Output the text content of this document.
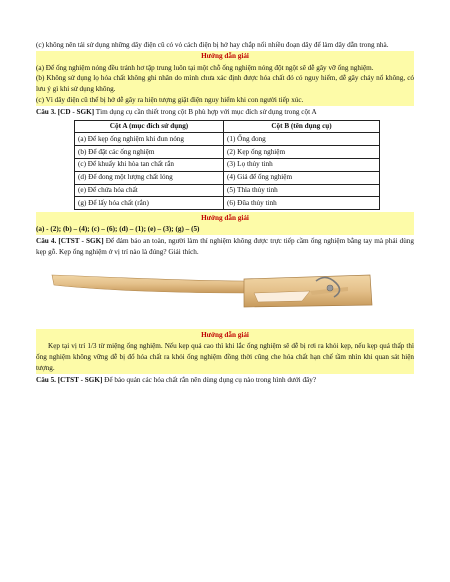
(c) không nên tái sử dụng những dây điện cũ có vỏ cách điện bị hở hay chắp nối nhiều đoạn dây để làm dây dẫn trong nhà.

Hướng dẫn giải

(a) Để ống nghiệm nóng đều tránh hơ tập trung luôn tại một chỗ ống nghiệm nóng đột ngột sẽ dễ gây vỡ ống nghiệm.

(b) Không sử dụng lọ hóa chất không ghi nhãn do mình chưa xác định được hóa chất đó có nguy hiểm, dễ gây cháy nổ không, có lưu ý gì khi sử dụng không.

(c) Vì dây điện cũ thể bị hở dễ gây ra hiện tượng giật điện nguy hiểm khi con người tiếp xúc.

Câu 3. [CD - SGK] Tìm dụng cụ cần thiết trong cột B phù hợp với mục đích sử dụng trong cột A

Cột A (mục đích sử dụng)	Cột B (tên dụng cụ)
(a) Để kẹp ống nghiệm khi đun nóng	(1) Ống đong
(b) Để đặt các ống nghiệm	(2) Kẹp ống nghiệm
(c) Để khuấy khi hòa tan chất rắn	(3) Lọ thủy tinh
(d) Để đong một lượng chất lỏng	(4) Giá để ống nghiệm
(e) Để chứa hóa chất	(5) Thìa thủy tinh
(g) Để lấy hóa chất (rắn)	(6) Đũa thủy tinh

Hướng dẫn giải

(a) - (2); (b) – (4); (c) – (6); (d) – (1); (e) – (3); (g) – (5)

Câu 4. [CTST - SGK] Để đảm bảo an toàn, người làm thí nghiệm không được trực tiếp cầm ống nghiệm bằng tay mà phải dùng kẹp gỗ. Kẹp ống nghiệm ở vị trí nào là đúng? Giải thích.

Hướng dẫn giải

Kẹp tại vị trí 1/3 từ miệng ống nghiệm. Nếu kẹp quá cao thì khi lắc ống nghiệm sẽ dễ bị rơi ra khỏi kẹp, nếu kẹp quá thấp thì ống nghiệm không vững dễ bị đổ hóa chất ra khỏi ống nghiệm đồng thời cũng che hóa chất hạn chế tầm nhìn khi quan sát hiện tượng.

Câu 5. [CTST - SGK] Để bảo quản các hóa chất rắn nên dùng dụng cụ nào trong hình dưới đây?
